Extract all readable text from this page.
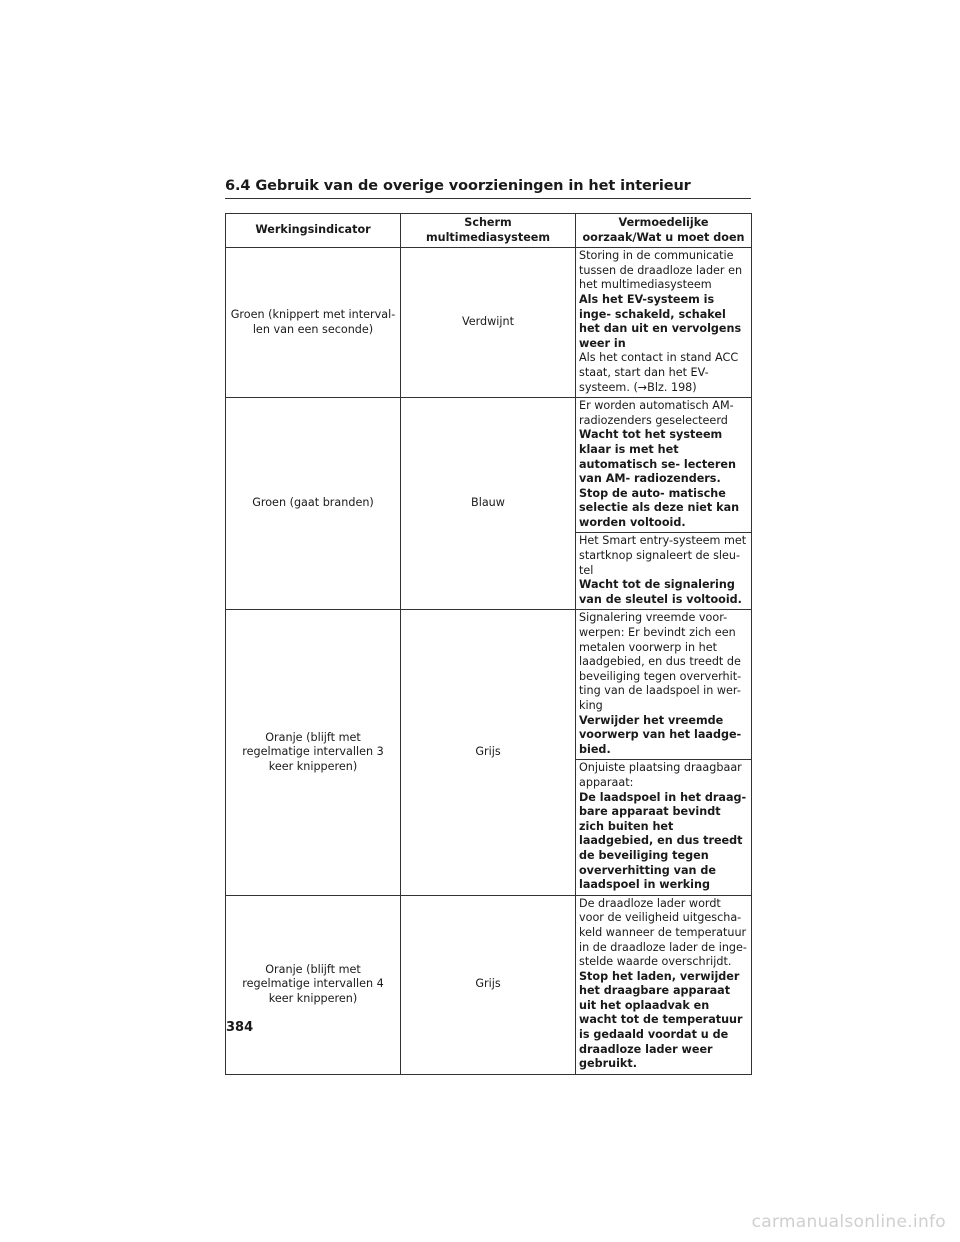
6.4 Gebruik van de overige voorzieningen in het interieur
Werkingsindicator	Scherm multimediasysteem	Vermoedelijke oorzaak/Wat u moet doen
Groen (knippert met interval- len van een seconde)	Verdwijnt	Storing in de communicatie tussen de draadloze lader en het multimediasysteem
Als het EV-systeem is inge- schakeld, schakel het dan uit en vervolgens weer in
Als het contact in stand ACC staat, start dan het EV- systeem. (→Blz. 198)

Groen (gaat branden)	Blauw	Er worden automatisch AM- radiozenders geselecteerd
Wacht tot het systeem klaar is met het automatisch se- lecteren van AM- radiozenders. Stop de auto- matische selectie als deze niet kan worden voltooid.

		Het Smart entry-systeem met startknop signaleert de sleu- tel
Wacht tot de signalering van de sleutel is voltooid.

Oranje (blijft met regelmatige intervallen 3 keer knipperen)	Grijs	Signalering vreemde voor- werpen: Er bevindt zich een metalen voorwerp in het laadgebied, en dus treedt de beveiliging tegen oververhit- ting van de laadspoel in wer- king
Verwijder het vreemde voorwerp van het laadge- bied.

		Onjuiste plaatsing draagbaar apparaat:
De laadspoel in het draag- bare apparaat bevindt zich buiten het laadgebied, en dus treedt de beveiliging tegen oververhitting van de laadspoel in werking

Oranje (blijft met regelmatige intervallen 4 keer knipperen)	Grijs	De draadloze lader wordt voor de veiligheid uitgescha- keld wanneer de temperatuur in de draadloze lader de inge- stelde waarde overschrijdt.
Stop het laden, verwijder het draagbare apparaat uit het oplaadvak en wacht tot de temperatuur is gedaald voordat u de draadloze lader weer gebruikt.
384
carmanualsonline.info
